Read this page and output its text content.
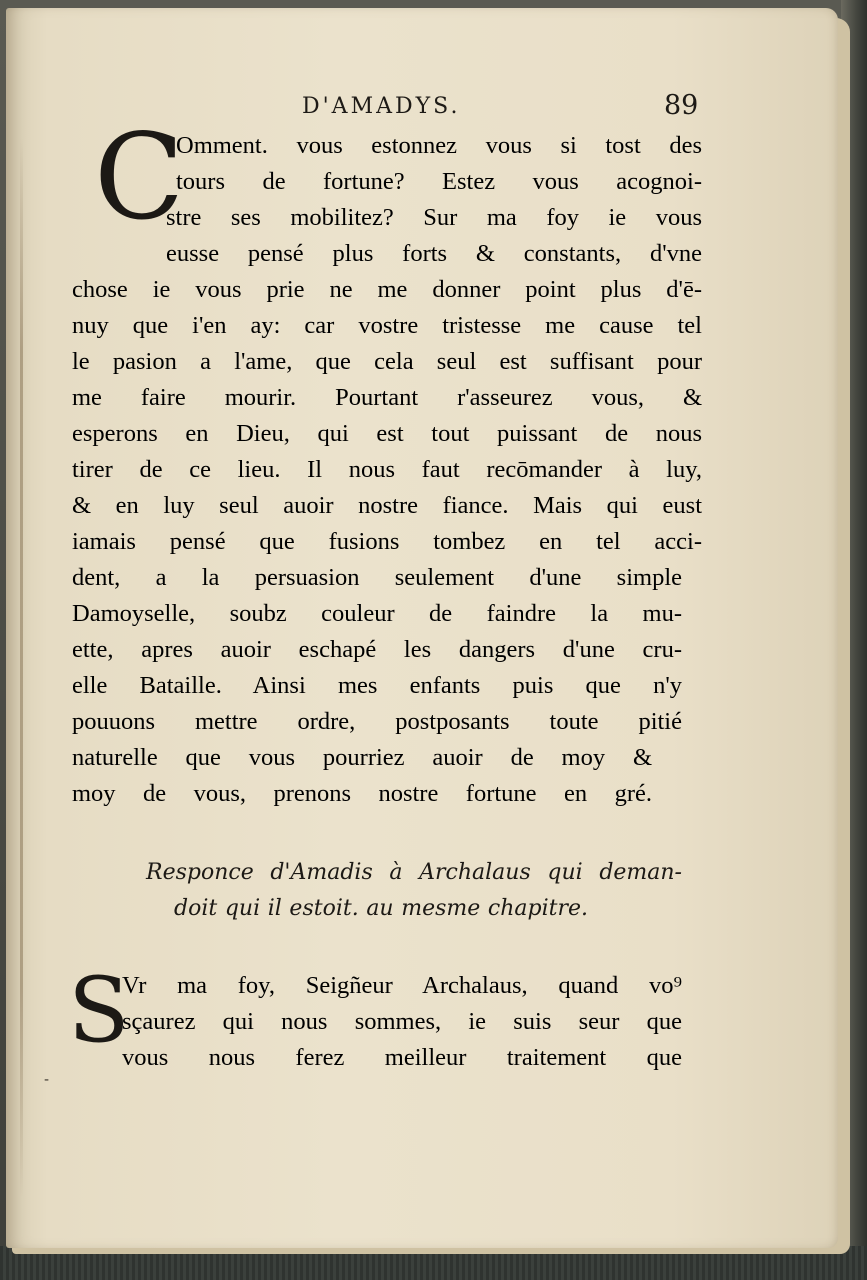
D'AMADYS.	89
C
Omment. vous estonnez vous si tost des
tours de fortune? Estez vous acognoi-
stre ses mobilitez? Sur ma foy ie vous
eusse pensé plus forts & constants, d'vne
chose ie vous prie ne me donner point plus d'ē-
nuy que i'en ay: car vostre tristesse me cause tel
le pasion a l'ame, que cela seul est suffisant pour
me faire mourir. Pourtant r'asseurez vous, &
esperons en Dieu, qui est tout puissant de nous
tirer de ce lieu. Il nous faut recōmander à luy,
& en luy seul auoir nostre fiance. Mais qui eust
iamais pensé que fusions tombez en tel acci-
dent, a la persuasion seulement d'une simple
Damoyselle, soubz couleur de faindre la mu-
ette, apres auoir eschapé les dangers d'une cru-
elle Bataille. Ainsi mes enfants puis que n'y
pouuons mettre ordre, postposants toute pitié
naturelle que vous pourriez auoir de moy &
moy de vous, prenons nostre fortune en gré.
Responce d'Amadis à Archalaus qui deman-
doit qui il estoit. au mesme chapitre.
S
Vr ma foy, Seigñeur Archalaus, quand vo⁹
sçaurez qui nous sommes, ie suis seur que
vous nous ferez meilleur traitement que
-
